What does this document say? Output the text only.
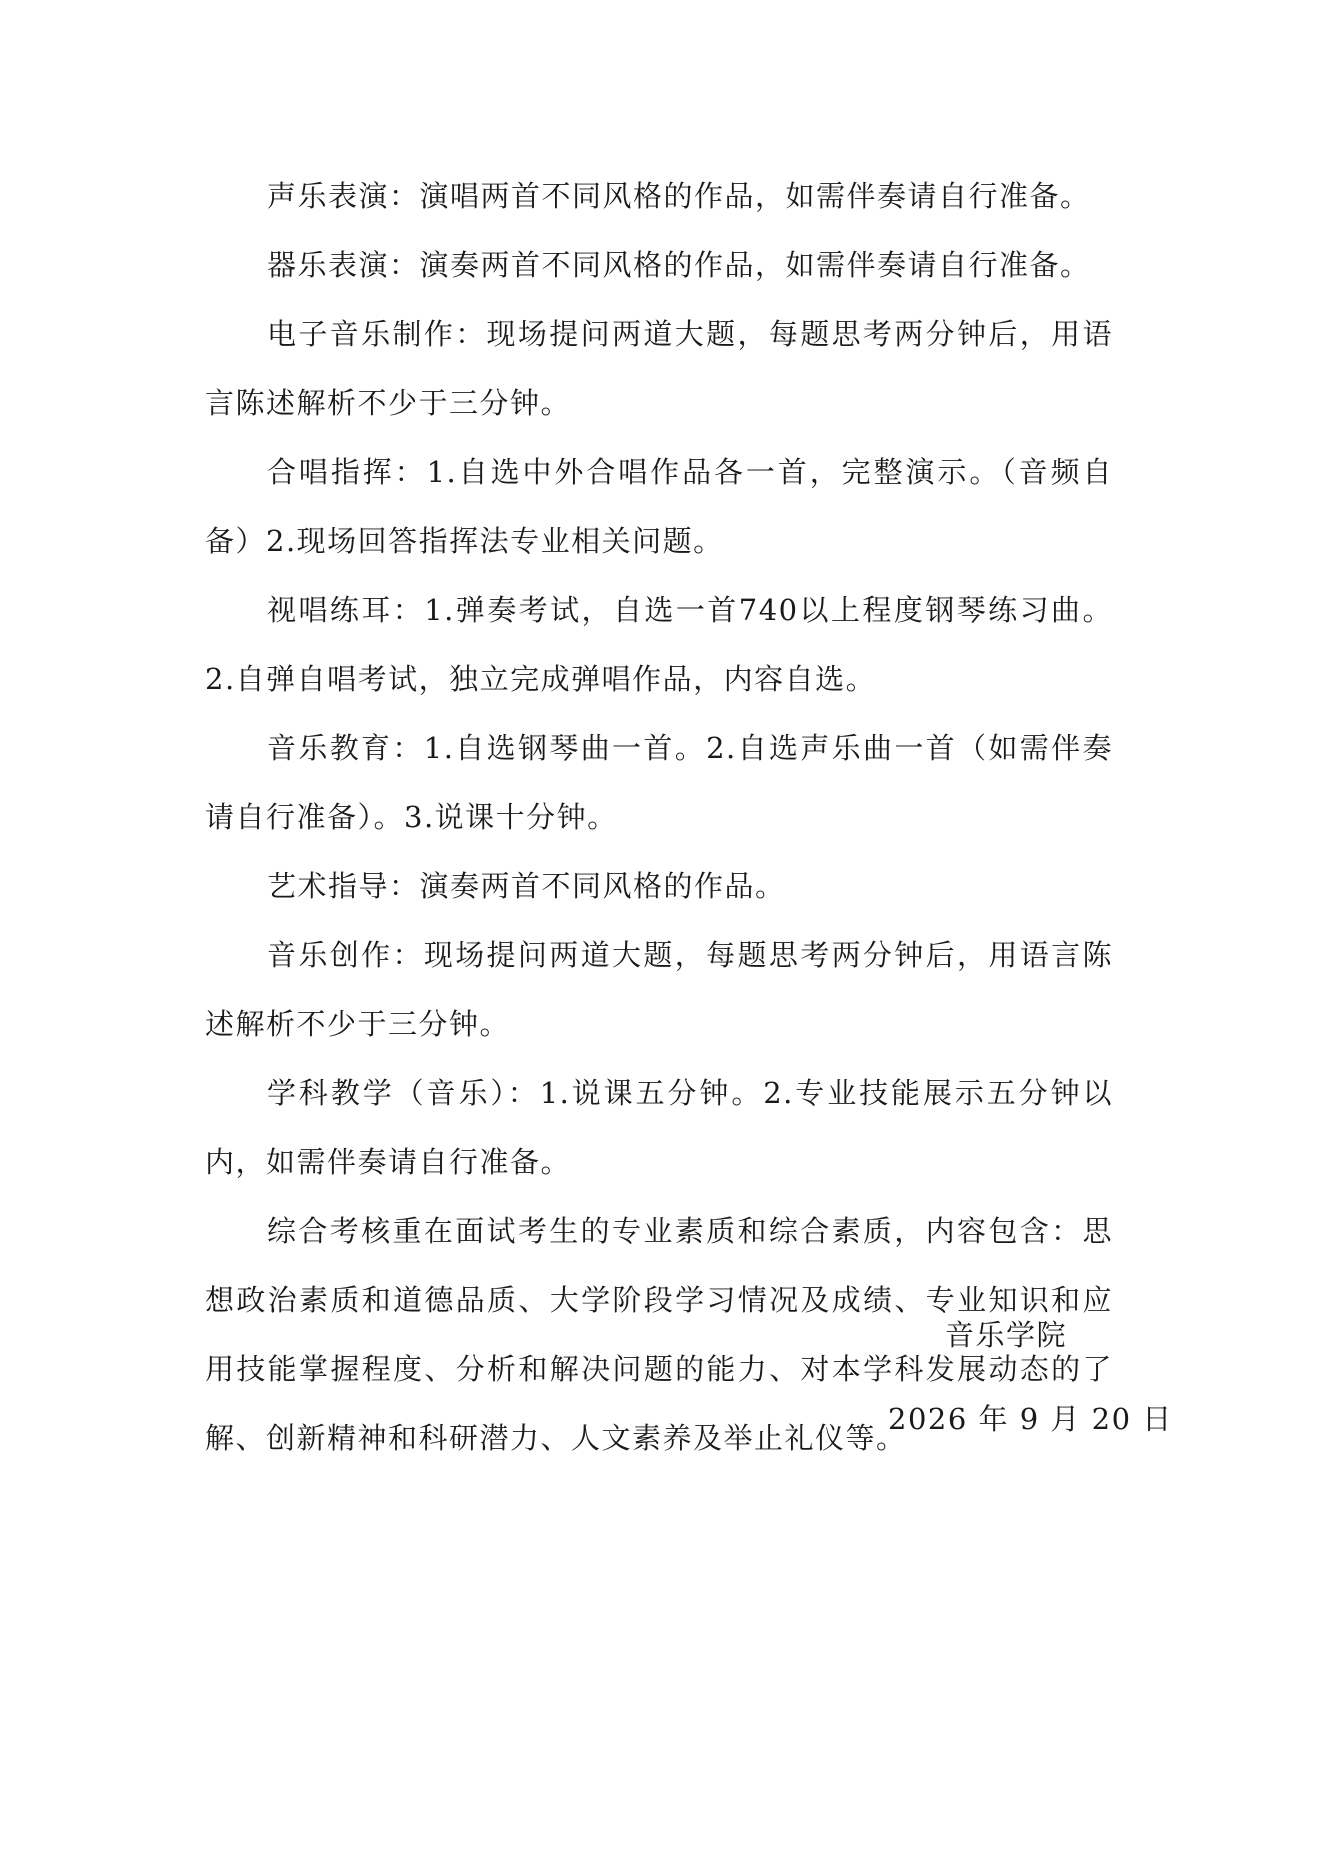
声乐表演：演唱两首不同风格的作品，如需伴奏请自行准备。

器乐表演：演奏两首不同风格的作品，如需伴奏请自行准备。

电子音乐制作：现场提问两道大题，每题思考两分钟后，用语言陈述解析不少于三分钟。

合唱指挥：1.自选中外合唱作品各一首，完整演示。（音频自备）2.现场回答指挥法专业相关问题。

视唱练耳：1.弹奏考试，自选一首740以上程度钢琴练习曲。2.自弹自唱考试，独立完成弹唱作品，内容自选。

音乐教育：1.自选钢琴曲一首。2.自选声乐曲一首（如需伴奏请自行准备）。3.说课十分钟。

艺术指导：演奏两首不同风格的作品。

音乐创作：现场提问两道大题，每题思考两分钟后，用语言陈述解析不少于三分钟。

学科教学（音乐）：1.说课五分钟。2.专业技能展示五分钟以内，如需伴奏请自行准备。

综合考核重在面试考生的专业素质和综合素质，内容包含：思想政治素质和道德品质、大学阶段学习情况及成绩、专业知识和应用技能掌握程度、分析和解决问题的能力、对本学科发展动态的了解、创新精神和科研潜力、人文素养及举止礼仪等。

音乐学院
2026 年 9 月 20 日
